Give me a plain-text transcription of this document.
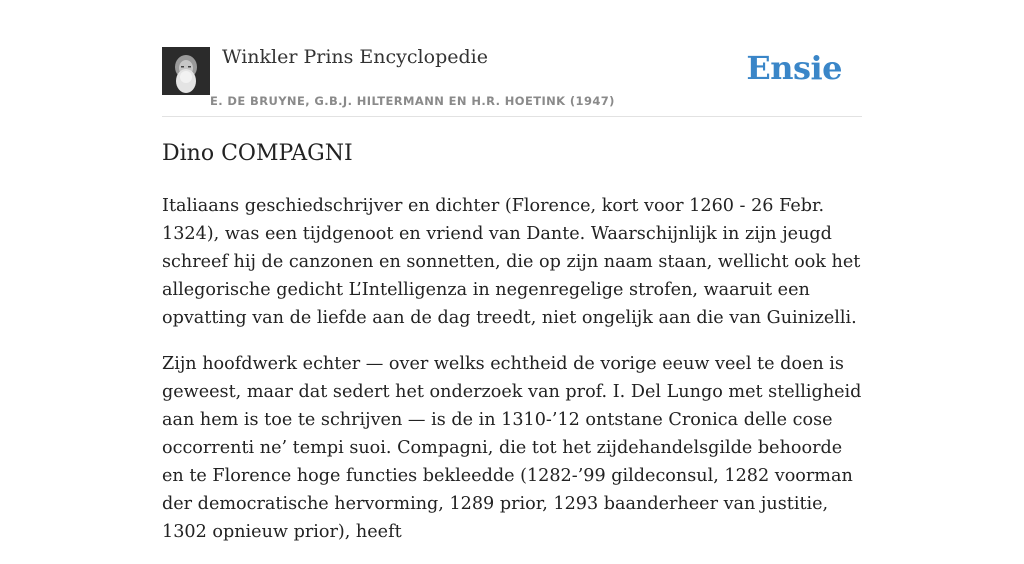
Winkler Prins Encyclopedie
E. DE BRUYNE, G.B.J. HILTERMANN EN H.R. HOETINK (1947)
Ensie
Dino COMPAGNI

Italiaans geschiedschrijver en dichter (Florence, kort voor 1260 - 26 Febr. 1324), was een tijdgenoot en vriend van Dante. Waarschijnlijk in zijn jeugd schreef hij de canzonen en sonnetten, die op zijn naam staan, wellicht ook het allegorische gedicht L’Intelligenza in negenregelige strofen, waaruit een opvatting van de liefde aan de dag treedt, niet ongelijk aan die van Guinizelli.

Zijn hoofdwerk echter — over welks echtheid de vorige eeuw veel te doen is geweest, maar dat sedert het onderzoek van prof. I. Del Lungo met stelligheid aan hem is toe te schrijven — is de in 1310-’12 ontstane Cronica delle cose occorrenti ne’ tempi suoi. Compagni, die tot het zijdehandelsgilde behoorde en te Florence hoge functies bekleedde (1282-’99 gildeconsul, 1282 voorman der democratische hervorming, 1289 prior, 1293 baanderheer van justitie, 1302 opnieuw prior), heeft
